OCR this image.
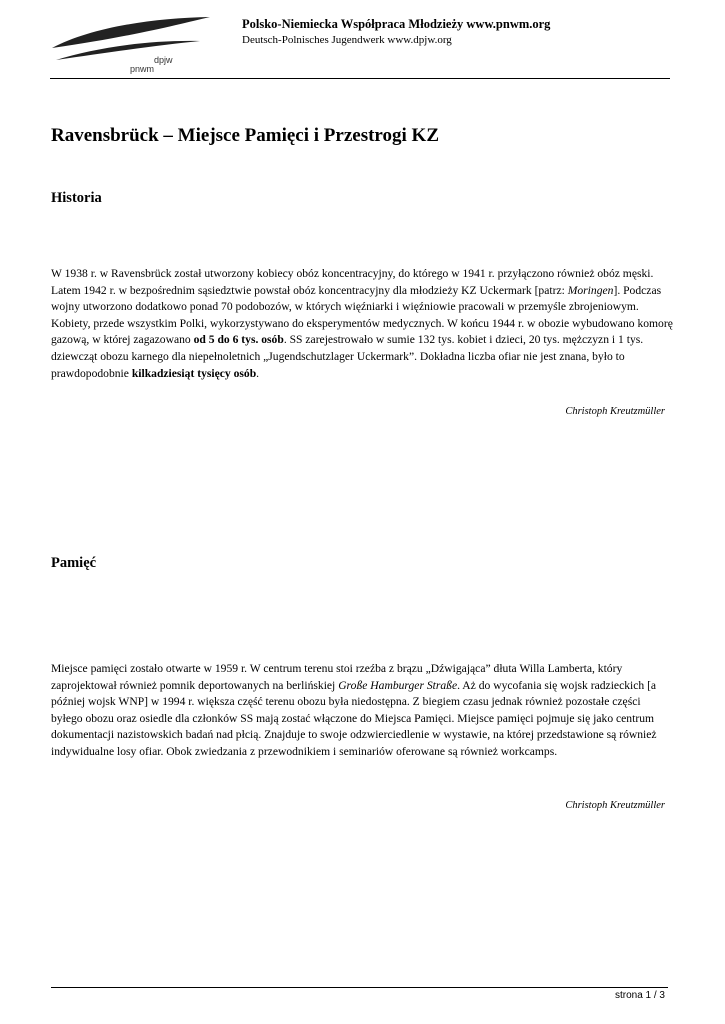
dpjw
pnwm
Polsko-Niemiecka Współpraca Młodzieży www.pnwm.org
Deutsch-Polnisches Jugendwerk www.dpjw.org
Ravensbrück – Miejsce Pamięci i Przestrogi KZ
Historia

W 1938 r. w Ravensbrück został utworzony kobiecy obóz koncentracyjny, do którego w 1941 r. przyłączono również obóz męski. Latem 1942 r. w bezpośrednim sąsiedztwie powstał obóz koncentracyjny dla młodzieży KZ Uckermark [patrz: Moringen]. Podczas wojny utworzono dodatkowo ponad 70 podobozów, w których więźniarki i więźniowie pracowali w przemyśle zbrojeniowym. Kobiety, przede wszystkim Polki, wykorzystywano do eksperymentów medycznych. W końcu 1944 r. w obozie wybudowano komorę gazową, w której zagazowano od 5 do 6 tys. osób. SS zarejestrowało w sumie 132 tys. kobiet i dzieci, 20 tys. mężczyzn i 1 tys. dziewcząt obozu karnego dla niepełnoletnich „Jugendschutzlager Uckermark”. Dokładna liczba ofiar nie jest znana, było to prawdopodobnie kilkadziesiąt tysięcy osób.

Christoph Kreutzmüller

Pamięć

Miejsce pamięci zostało otwarte w 1959 r. W centrum terenu stoi rzeźba z brązu „Dźwigająca” dłuta Willa Lamberta, który zaprojektował również pomnik deportowanych na berlińskiej Große Hamburger Straße. Aż do wycofania się wojsk radzieckich [a później wojsk WNP] w 1994 r. większa część terenu obozu była niedostępna. Z biegiem czasu jednak również pozostałe części byłego obozu oraz osiedle dla członków SS mają zostać włączone do Miejsca Pamięci. Miejsce pamięci pojmuje się jako centrum dokumentacji nazistowskich badań nad płcią. Znajduje to swoje odzwierciedlenie w wystawie, na której przedstawione są również indywidualne losy ofiar. Obok zwiedzania z przewodnikiem i seminariów oferowane są również workcamps.

Christoph Kreutzmüller

strona 1 / 3
